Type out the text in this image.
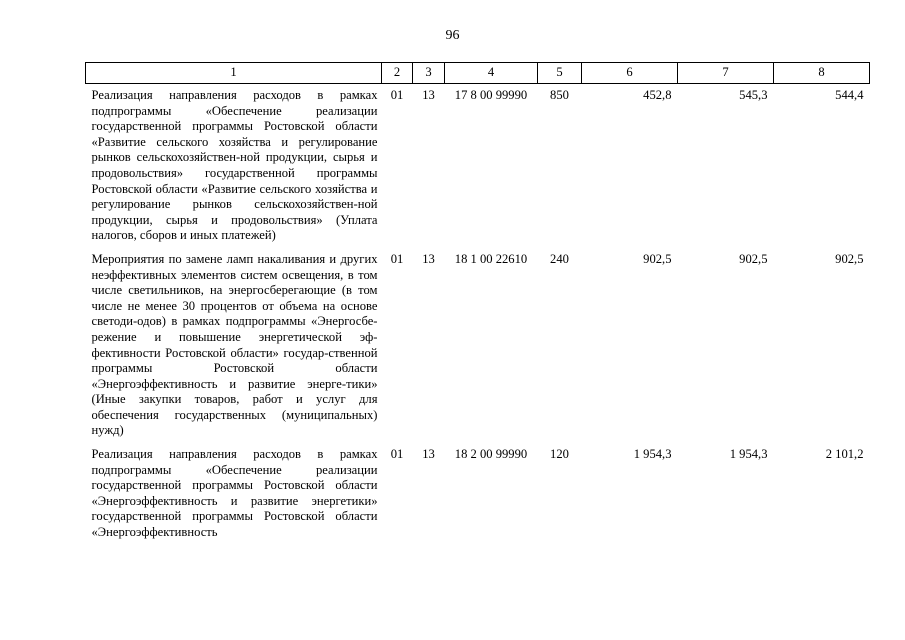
96
1	2	3	4	5	6	7	8
Реализация направления расходов в рамках подпрограммы «Обеспечение реализации государственной программы Ростовской области «Развитие сельского хозяйства и регулирование рынков сельскохозяйствен-ной продукции, сырья и продовольствия» государственной программы Ростовской области «Развитие сельского хозяйства и регулирование рынков сельскохозяйствен-ной продукции, сырья и продовольствия» (Уплата налогов, сборов и иных платежей)	01	13	17 8 00 99990	850	452,8	545,3	544,4
Мероприятия по замене ламп накаливания и других неэффективных элементов систем освещения, в том числе светильников, на энергосберегающие (в том числе не менее 30 процентов от объема на основе светоди-одов) в рамках подпрограммы «Энергосбе-режение и повышение энергетической эф-фективности Ростовской области» государ-ственной программы Ростовской области «Энергоэффективность и развитие энерге-тики» (Иные закупки товаров, работ и услуг для обеспечения государственных (муниципальных) нужд)	01	13	18 1 00 22610	240	902,5	902,5	902,5
Реализация направления расходов в рамках подпрограммы «Обеспечение реализации государственной программы Ростовской области «Энергоэффективность и развитие энергетики» государственной программы Ростовской области «Энергоэффективность	01	13	18 2 00 99990	120	1 954,3	1 954,3	2 101,2
